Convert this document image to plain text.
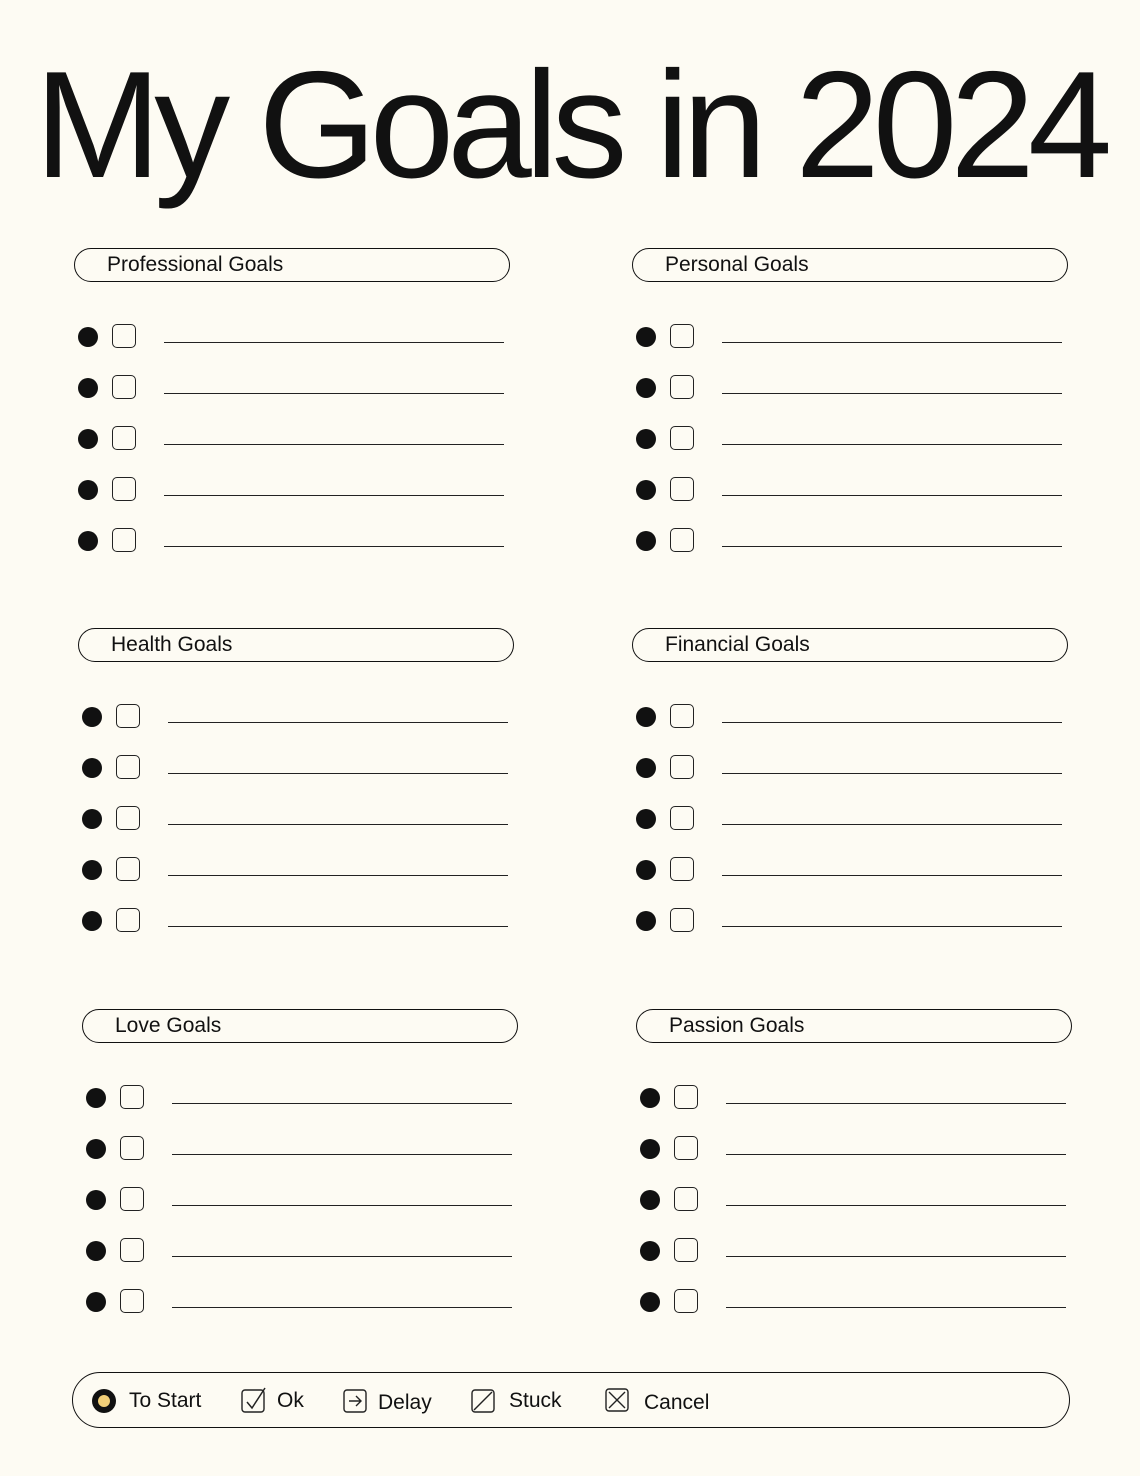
My Goals in 2024
Professional Goals	Personal Goals
Health Goals	Financial Goals
Love Goals	Passion Goals
To Start	Ok	Delay	Stuck	Cancel
